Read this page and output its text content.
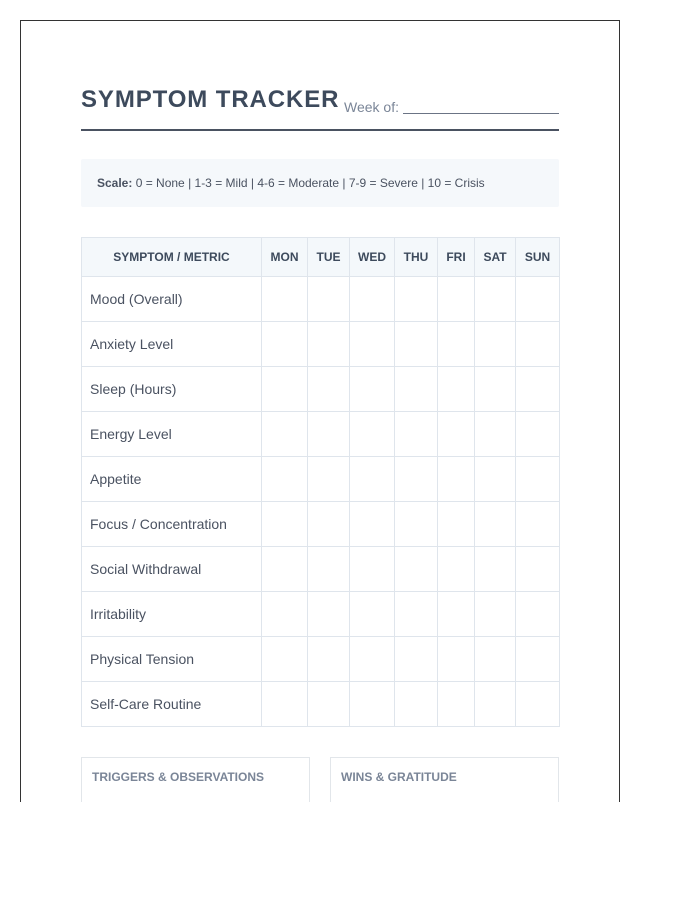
SYMPTOM TRACKER Week of:
Scale: 0 = None | 1-3 = Mild | 4-6 = Moderate | 7-9 = Severe | 10 = Crisis
SYMPTOM / METRIC	MON	TUE	WED	THU	FRI	SAT	SUN
Mood (Overall)							
Anxiety Level							
Sleep (Hours)							
Energy Level							
Appetite							
Focus / Concentration							
Social Withdrawal							
Irritability							
Physical Tension							
Self-Care Routine							
TRIGGERS & OBSERVATIONS	WINS & GRATITUDE
